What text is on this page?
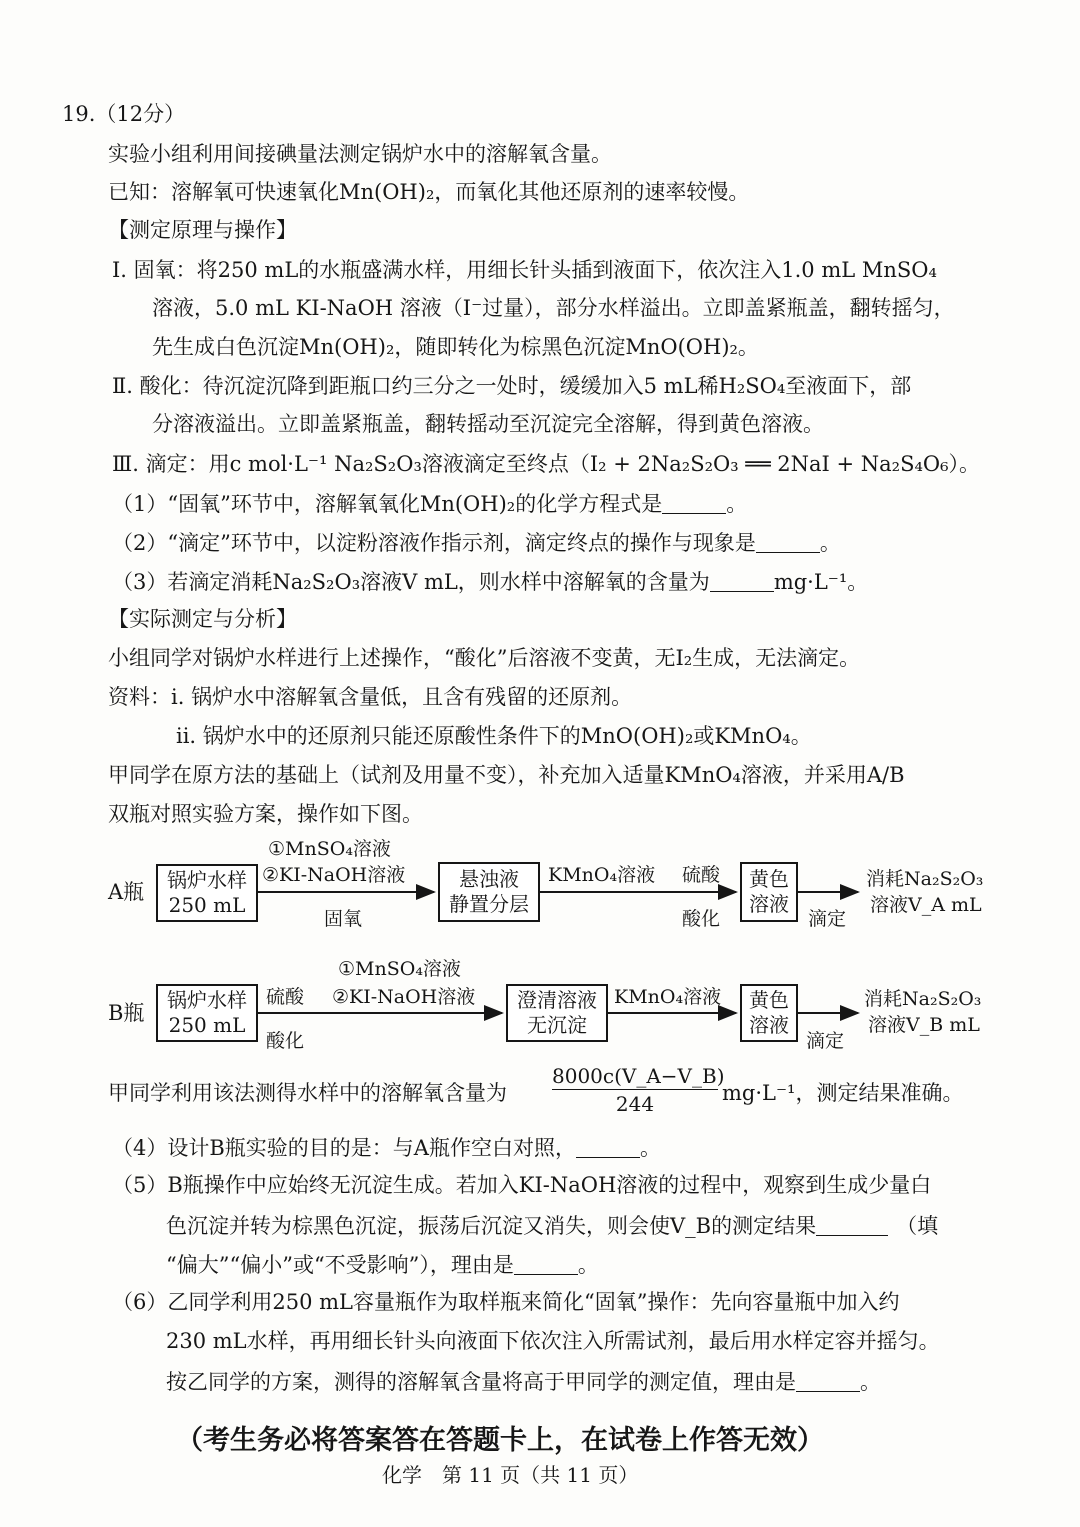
19.（12分）
实验小组利用间接碘量法测定锅炉水中的溶解氧含量。
已知：溶解氧可快速氧化Mn(OH)₂，而氧化其他还原剂的速率较慢。
【测定原理与操作】
Ⅰ. 固氧：将250 mL的水瓶盛满水样，用细长针头插到液面下，依次注入1.0 mL MnSO₄
溶液，5.0 mL KI-NaOH 溶液（I⁻过量），部分水样溢出。立即盖紧瓶盖，翻转摇匀，
先生成白色沉淀Mn(OH)₂，随即转化为棕黑色沉淀MnO(OH)₂。
Ⅱ. 酸化：待沉淀沉降到距瓶口约三分之一处时，缓缓加入5 mL稀H₂SO₄至液面下，部
分溶液溢出。立即盖紧瓶盖，翻转摇动至沉淀完全溶解，得到黄色溶液。
Ⅲ. 滴定：用c mol·L⁻¹ Na₂S₂O₃溶液滴定至终点（I₂ + 2Na₂S₂O₃ ══ 2NaI + Na₂S₄O₆）。
（1）“固氧”环节中，溶解氧氧化Mn(OH)₂的化学方程式是	。
（2）“滴定”环节中，以淀粉溶液作指示剂，滴定终点的操作与现象是	。
（3）若滴定消耗Na₂S₂O₃溶液V mL，则水样中溶解氧的含量为	mg·L⁻¹。
【实际测定与分析】
小组同学对锅炉水样进行上述操作，“酸化”后溶液不变黄，无I₂生成，无法滴定。
资料：i. 锅炉水中溶解氧含量低，且含有残留的还原剂。
ii. 锅炉水中的还原剂只能还原酸性条件下的MnO(OH)₂或KMnO₄。
甲同学在原方法的基础上（试剂及用量不变），补充加入适量KMnO₄溶液，并采用A/B
双瓶对照实验方案，操作如下图。
A瓶 锅炉水样
250 mL
①MnSO₄溶液
②KI-NaOH溶液
固氧
悬浊液
静置分层
KMnO₄溶液 硫酸
酸化
黄色
溶液
滴定
消耗Na₂S₂O₃
溶液V_A mL
B瓶
锅炉水样
250 mL
硫酸
酸化
①MnSO₄溶液
②KI-NaOH溶液 澄清溶液
无沉淀
KMnO₄溶液 黄色
溶液
滴定
消耗Na₂S₂O₃
溶液V_B mL
甲同学利用该法测得水样中的溶解氧含量为 $\frac{8000c(V\_A-V\_B)}{244} mg\cdot L^{-1}$，测定结果准确。
（4）设计B瓶实验的目的是：与A瓶作空白对照，	。
（5）B瓶操作中应始终无沉淀生成。若加入KI-NaOH溶液的过程中，观察到生成少量白
色沉淀并转为棕黑色沉淀，振荡后沉淀又消失，则会使V_B的测定结果	（填
“偏大”“偏小”或“不受影响”），理由是	。
（6）乙同学利用250 mL容量瓶作为取样瓶来简化“固氧”操作：先向容量瓶中加入约
230 mL水样，再用细长针头向液面下依次注入所需试剂，最后用水样定容并摇匀。
按乙同学的方案，测得的溶解氧含量将高于甲同学的测定值，理由是	。
（考生务必将答案答在答题卡上，在试卷上作答无效）
化学　第 11 页（共 11 页）
